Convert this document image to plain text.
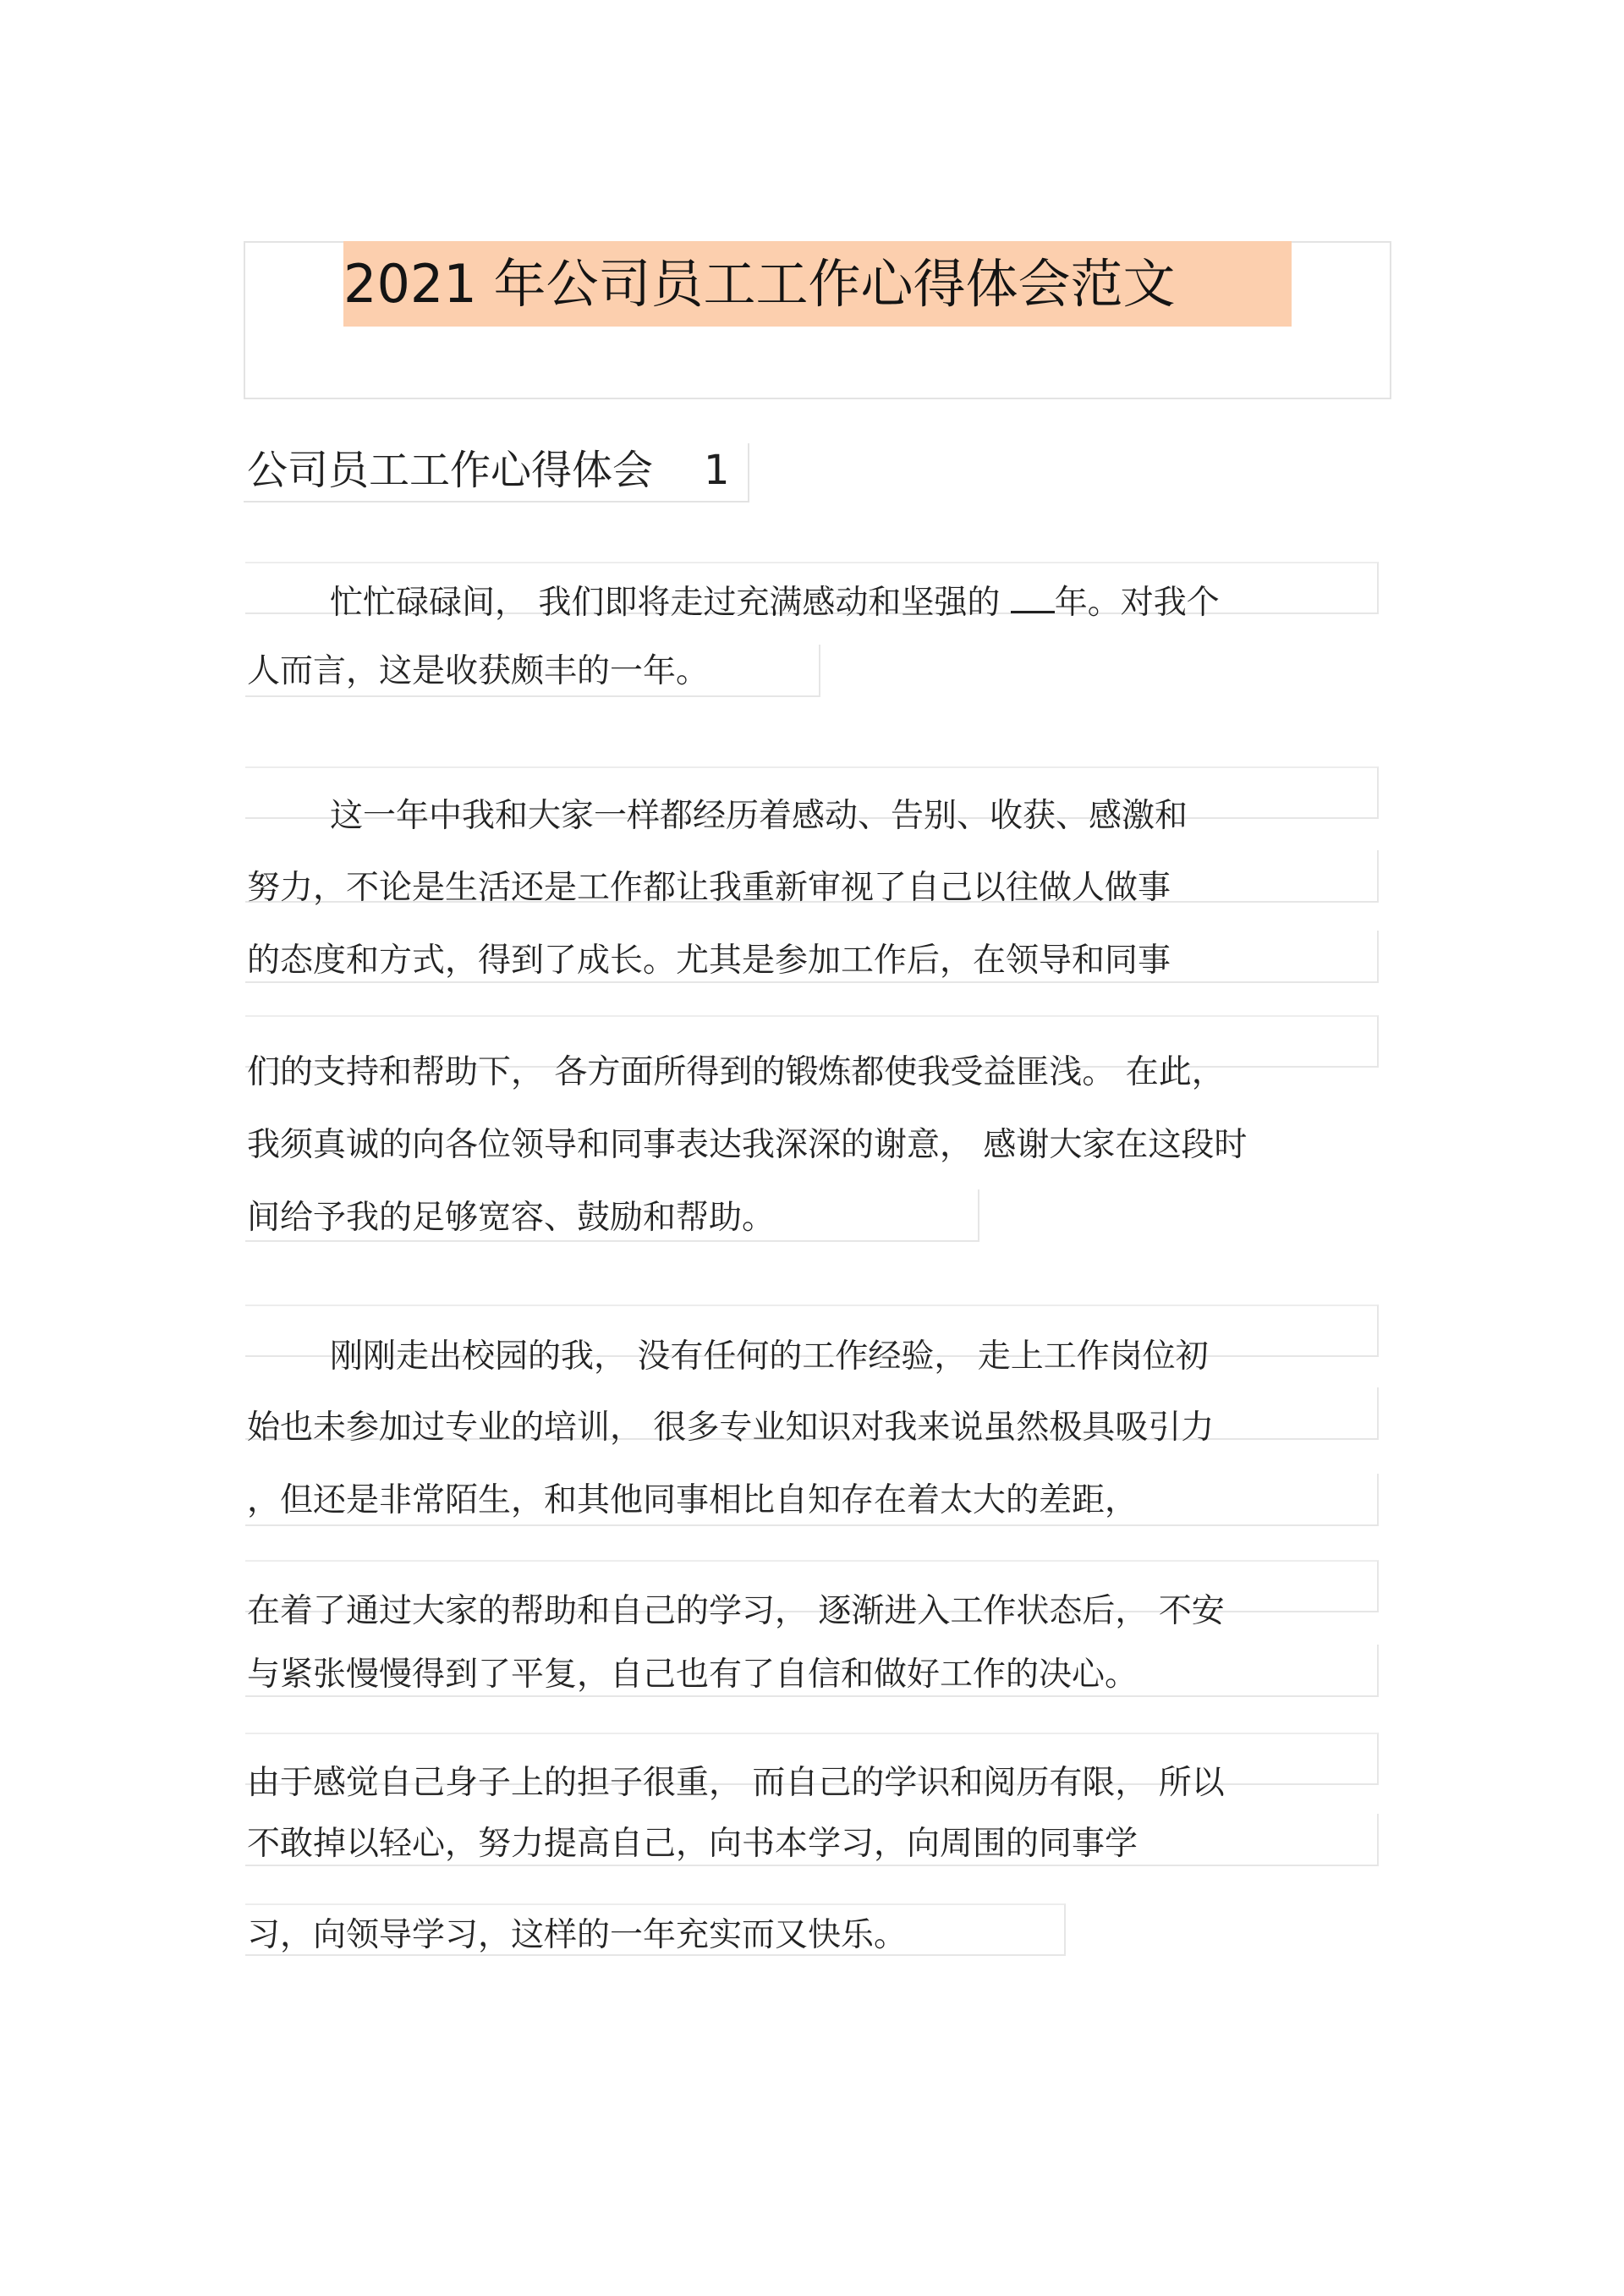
2021 年公司员工工作心得体会范文
公司员工工作心得体会 1
忙忙碌碌间， 我们即将走过充满感动和坚强的 年。对我个
人而言，这是收获颇丰的一年。
这一年中我和大家一样都经历着感动、告别、收获、感激和
努力，不论是生活还是工作都让我重新审视了自己以往做人做事
的态度和方式，得到了成长。尤其是参加工作后，在领导和同事
们的支持和帮助下， 各方面所得到的锻炼都使我受益匪浅。 在此，
我须真诚的向各位领导和同事表达我深深的谢意， 感谢大家在这段时
间给予我的足够宽容、鼓励和帮助。
刚刚走出校园的我， 没有任何的工作经验， 走上工作岗位初
始也未参加过专业的培训， 很多专业知识对我来说虽然极具吸引力
，但还是非常陌生，和其他同事相比自知存在着太大的差距，
在着了通过大家的帮助和自己的学习， 逐渐进入工作状态后， 不安
与紧张慢慢得到了平复，自己也有了自信和做好工作的决心。
由于感觉自己身子上的担子很重， 而自己的学识和阅历有限， 所以
不敢掉以轻心，努力提高自己，向书本学习，向周围的同事学
习，向领导学习，这样的一年充实而又快乐。
